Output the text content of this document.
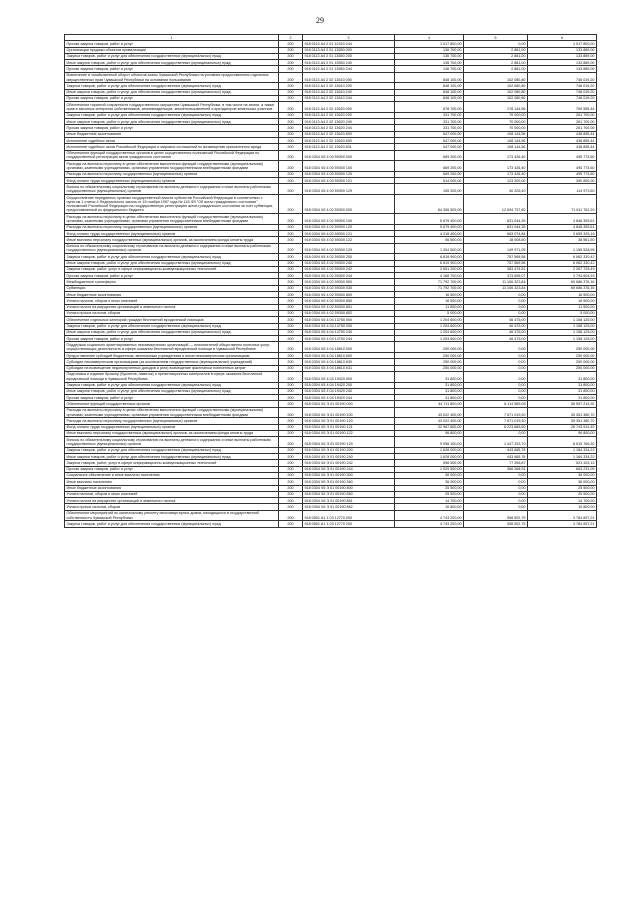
29
1	2	3	4	5	6
Прочая закупка товаров, работ и услуг	200	918 0113 А4 2 01 12320 244	1 017 800,00	0,00	1 017 800,00
Организация продажи объектов приватизации	200	918 0113 А4 2 01 13550 000	136 700,00	2 881,00	133 889,00
Закупка товаров, работ и услуг для обеспечения государственных (муниципальных) нужд	200	918 0113 А4 2 01 13550 200	136 700,00	2 881,00	133 889,00
Иные закупки товаров, работ и услуг для обеспечения государственных (муниципальных) нужд	200	918 0113 А4 2 01 13550 240	136 700,00	2 881,00	133 889,00
Прочая закупка товаров, работ и услуг	200	918 0113 А4 2 01 13550 244	136 700,00	2 881,00	133 889,00
Вовлечение в хозяйственный оборот объектов казны Чувашской Республики на условиях предоставления отдельных имущественных прав Чувашской Республики на основании пользования	200	918 0113 А4 2 02 13610 000	848 100,00	102 080,80	746 019,20
Закупка товаров, работ и услуг для обеспечения государственных (муниципальных) нужд	200	918 0113 А4 2 02 13610 200	848 100,00	102 080,80	746 019,20
Иные закупки товаров, работ и услуг для обеспечения государственных (муниципальных) нужд	200	918 0113 А4 2 02 13610 240	848 100,00	102 080,80	746 019,20
Прочая закупка товаров, работ и услуг	200	918 0113 А4 2 02 13610 244	848 100,00	102 080,80	746 019,20
Обеспечение гарантий сохранности государственного имущества Чувашской Республики, в том числе на земли, а также прав в законных интересах собственников, землевладельцев, землепользователей и арендаторов земельных участков	200	918 0113 А4 2 02 13620 000	878 700,00	178 144,56	700 555,44
Закупка товаров, работ и услуг для обеспечения государственных (муниципальных) нужд	200	918 0113 А4 2 02 13620 200	331 700,00	70 000,00	261 700,00
Иные закупки товаров, работ и услуг для обеспечения государственных (муниципальных) нужд	200	918 0113 А4 2 02 13620 240	331 700,00	70 000,00	261 700,00
Прочая закупка товаров, работ и услуг	200	918 0113 А4 2 02 13620 244	331 700,00	70 000,00	261 700,00
Иные бюджетные ассигнования	200	918 0113 А4 2 02 13620 800	547 000,00	108 144,56	438 855,44
Исполнение судебных актов	200	918 0113 А4 2 02 13620 830	547 000,00	108 144,56	438 855,44
Исполнение судебных актов Российской Федерации и мировых соглашений по возмещению причиненного вреда	200	918 0113 А4 2 02 13620 831	547 000,00	108 144,56	438 855,44
Обеспечение функций государственных органов в целях осуществления полномочий Российской Федерации по государственной регистрации актов гражданского состояния	200	918 0304 Ч5 4 00 59300 000	669 200,00	173 426,40	495 773,60
Расходы на выплаты персоналу в целях обеспечения выполнения функций государственными (муниципальными) органами, казенными учреждениями, органами управления государственными внебюджетными фондами	200	918 0304 Ч5 4 00 59300 100	669 200,00	173 426,40	495 773,60
Расходы на выплаты персоналу государственных (муниципальных) органов	200	918 0304 Ч5 4 00 59300 120	669 200,00	173 426,40	495 773,60
Фонд оплаты труда государственных (муниципальных) органов	200	918 0304 Ч5 4 00 59300 121	514 000,00	123 200,00	390 800,00
Взносы по обязательному социальному страхованию на выплаты денежного содержания и иные выплаты работникам государственных (муниципальных) органов	200	918 0304 Ч5 4 00 59300 129	155 200,00	40 226,40	114 973,60
Осуществление переданных органам государственной власти субъектов Российской Федерации в соответствии с пунктом 1 статьи 4 Федерального закона от 15 ноября 1997 года № 143-ФЗ "Об актах гражданского состояния" полномочий Российской Федерации на государственную регистрацию актов гражданского состояния за счет субвенции, предоставляемой из федерального бюджета	200	918 0304 Ч5 4 02 59300 000	84 306 500,00	12 694 737,80	71 611 762,20
Расходы на выплаты персоналу в целях обеспечения выполнения функций государственными (муниципальными) органами, казенными учреждениями, органами управления государственными внебюджетными фондами	200	918 0304 Ч5 4 02 59300 100	5 679 400,00	831 044,39	4 848 355,61
Расходы на выплаты персоналу государственных (муниципальных) органов	200	918 0304 Ч5 4 02 59300 120	5 679 400,00	831 044,39	4 848 355,61
Фонд оплаты труда государственных (муниципальных) органов	200	918 0304 Ч5 4 02 59300 121	4 318 400,00	663 074,84	3 655 325,16
Иные выплаты персоналу государственных (муниципальных) органов, за исключением фонда оплаты труда	200	918 0304 Ч5 4 02 59300 122	56 500,00	18 008,50	38 561,50
Взносы по обязательному социальному страхованию на выплаты денежного содержания и иные выплаты работникам государственных (муниципальных) органов	200	918 0304 Ч5 4 02 59300 129	1 304 500,00	149 971,05	1 155 528,95
Закупка товаров, работ и услуг для обеспечения государственных (муниципальных) нужд	200	918 0304 Ч5 4 02 59300 200	6 819 900,00	757 569,58	6 062 330,42
Иные закупки товаров, работ и услуг для обеспечения государственных (муниципальных) нужд	200	918 0304 Ч5 4 02 59300 240	6 819 900,00	757 569,58	6 062 330,42
Закупка товаров, работ, услуг в сфере информационно-коммуникационных технологий	200	918 0304 Ч5 4 02 59300 242	2 651 200,00	383 474,51	2 267 725,49
Прочая закупка товаров, работ и услуг	200	918 0304 Ч5 4 02 59300 244	4 168 700,00	373 695,07	3 794 604,93
Межбюджетные трансферты	200	918 0304 Ч5 4 02 59300 500	71 792 700,00	11 106 323,84	60 686 376,16
Субвенции	200	918 0304 Ч5 4 02 59300 530	71 792 700,00	11 106 323,84	60 686 376,16
Иные бюджетные ассигнования	200	918 0304 Ч5 4 02 59300 800	16 500,00	0,00	16 500,00
Уплата налогов, сборов и иных платежей	200	918 0304 Ч5 4 02 59300 850	16 500,00	0,00	16 500,00
Уплата налога на имущество организаций и земельного налога	200	918 0304 Ч5 4 02 59300 851	11 500,00	0,00	11 500,00
Уплата прочих налогов, сборов	200	918 0304 Ч5 4 02 59300 852	5 000,00	0,00	5 000,00
Обеспечение отдельных категорий граждан бесплатной юридической помощью	200	918 0304 Ч5 4 04 13750 000	1 204 600,00	46 475,00	1 158 125,00
Закупка товаров, работ и услуг для обеспечения государственных (муниципальных) нужд	200	918 0304 Ч5 4 04 13750 200	1 204 600,00	46 475,00	1 158 125,00
Иные закупки товаров, работ и услуг для обеспечения государственных (муниципальных) нужд	200	918 0304 Ч5 4 04 13750 240	1 204 600,00	46 475,00	1 158 125,00
Прочая закупка товаров, работ и услуг	200	918 0304 Ч5 4 04 13750 244	1 204 600,00	46 475,00	1 158 125,00
Поддержка социально ориентированных некоммерческих организаций — исполнителей общественно полезных услуг, осуществляющих деятельность в сфере оказания бесплатной юридической помощи в Чувашской Республике	200	918 0304 Ч5 4 04 18610 000	250 000,00	0,00	250 000,00
Предоставление субсидий бюджетным, автономным учреждениям и иным некоммерческим организациям	200	918 0304 Ч5 4 04 18610 600	250 000,00	0,00	250 000,00
Субсидии некоммерческим организациям (за исключением государственных (муниципальных) учреждений)	200	918 0304 Ч5 4 04 18610 630	250 000,00	0,00	250 000,00
Субсидии на возмещение недополученных доходов и (или) возмещение фактически понесенных затрат	200	918 0304 Ч5 4 04 18610 631	250 000,00	0,00	250 000,00
Подготовка и издание брошюр (буклетов, памяток) и презентационных материалов в сфере оказания бесплатной юридической помощи в Чувашской Республике	200	918 0304 Ч5 4 04 19420 000	31 800,00	0,00	31 800,00
Закупка товаров, работ и услуг для обеспечения государственных (муниципальных) нужд	200	918 0304 Ч5 4 04 19420 200	31 800,00	0,00	31 800,00
Иные закупки товаров, работ и услуг для обеспечения государственных (муниципальных) нужд	200	918 0304 Ч5 4 04 19420 240	31 800,00	0,00	31 800,00
Прочая закупка товаров, работ и услуг	200	918 0304 Ч5 4 04 19420 244	31 800,00	0,00	31 800,00
Обеспечение функций государственных органов	200	918 0304 Ч5 Э 01 00190 000	44 711 800,00	8 114 585,08	36 597 214,92
Расходы на выплаты персоналу в целях обеспечения выполнения функций государственными (муниципальными) органами, казенными учреждениями, органами управления государственными внебюджетными фондами	200	918 0304 Ч5 Э 01 00190 100	43 022 400,00	7 671 019,30	35 351 380,70
Расходы на выплаты персоналу государственных (муниципальных) органов	200	918 0304 Ч5 Э 01 00190 120	43 022 400,00	7 671 019,30	35 351 380,70
Фонд оплаты труда государственных (муниципальных) органов	200	918 0304 Ч5 Э 01 00190 121	32 967 600,00	6 223 685,60	26 743 914,40
Иные выплаты персоналу государственных (муниципальных) органов, за исключением фонда оплаты труда	200	918 0304 Ч5 Э 01 00190 122	96 800,00	0,00	96 800,00
Взносы по обязательному социальному страхованию на выплаты денежного содержания и иные выплаты работникам государственных (муниципальных) органов	200	918 0304 Ч5 Э 01 00190 129	9 958 100,00	1 447 333,70	8 510 766,30
Закупка товаров, работ и услуг для обеспечения государственных (муниципальных) нужд	200	918 0304 Ч5 Э 01 00190 200	1 628 000,00	443 665,78	1 184 334,22
Иные закупки товаров, работ и услуг для обеспечения государственных (муниципальных) нужд	200	918 0304 Ч5 Э 01 00190 240	1 628 000,00	443 665,78	1 184 334,22
Закупка товаров, работ, услуг в сфере информационно-коммуникационных технологий	200	918 0304 Ч5 Э 01 00190 242	598 500,00	77 396,87	521 103,13
Прочая закупка товаров, работ и услуг	200	918 0304 Ч5 Э 01 00190 244	1 029 500,00	366 268,91	663 231,09
Социальное обеспечение и иные выплаты населению	200	918 0304 Ч5 Э 01 00190 300	36 000,00	0,00	36 000,00
Иные выплаты населению	200	918 0304 Ч5 Э 01 00190 360	36 000,00	0,00	36 000,00
Иные бюджетные ассигнования	200	918 0304 Ч5 Э 01 00190 800	25 500,00	0,00	25 500,00
Уплата налогов, сборов и иных платежей	200	918 0304 Ч5 Э 01 00190 850	25 500,00	0,00	25 500,00
Уплата налога на имущество организаций и земельного налога	200	918 0304 Ч5 Э 01 00190 851	14 700,00	0,00	14 700,00
Уплата прочих налогов, сборов	200	918 0304 Ч5 Э 01 00190 852	10 800,00	0,00	10 800,00
Обеспечение мероприятий по капитальному ремонту многоквартирных домов, находящихся в государственной собственности Чувашской Республики	200	918 0501 А1 1 03 12770 000	4 743 200,00	958 502,79	3 784 697,21
Закупка товаров, работ и услуг для обеспечения государственных (муниципальных) нужд	200	918 0501 А1 1 03 12770 200	4 743 200,00	958 502,79	3 784 697,21
